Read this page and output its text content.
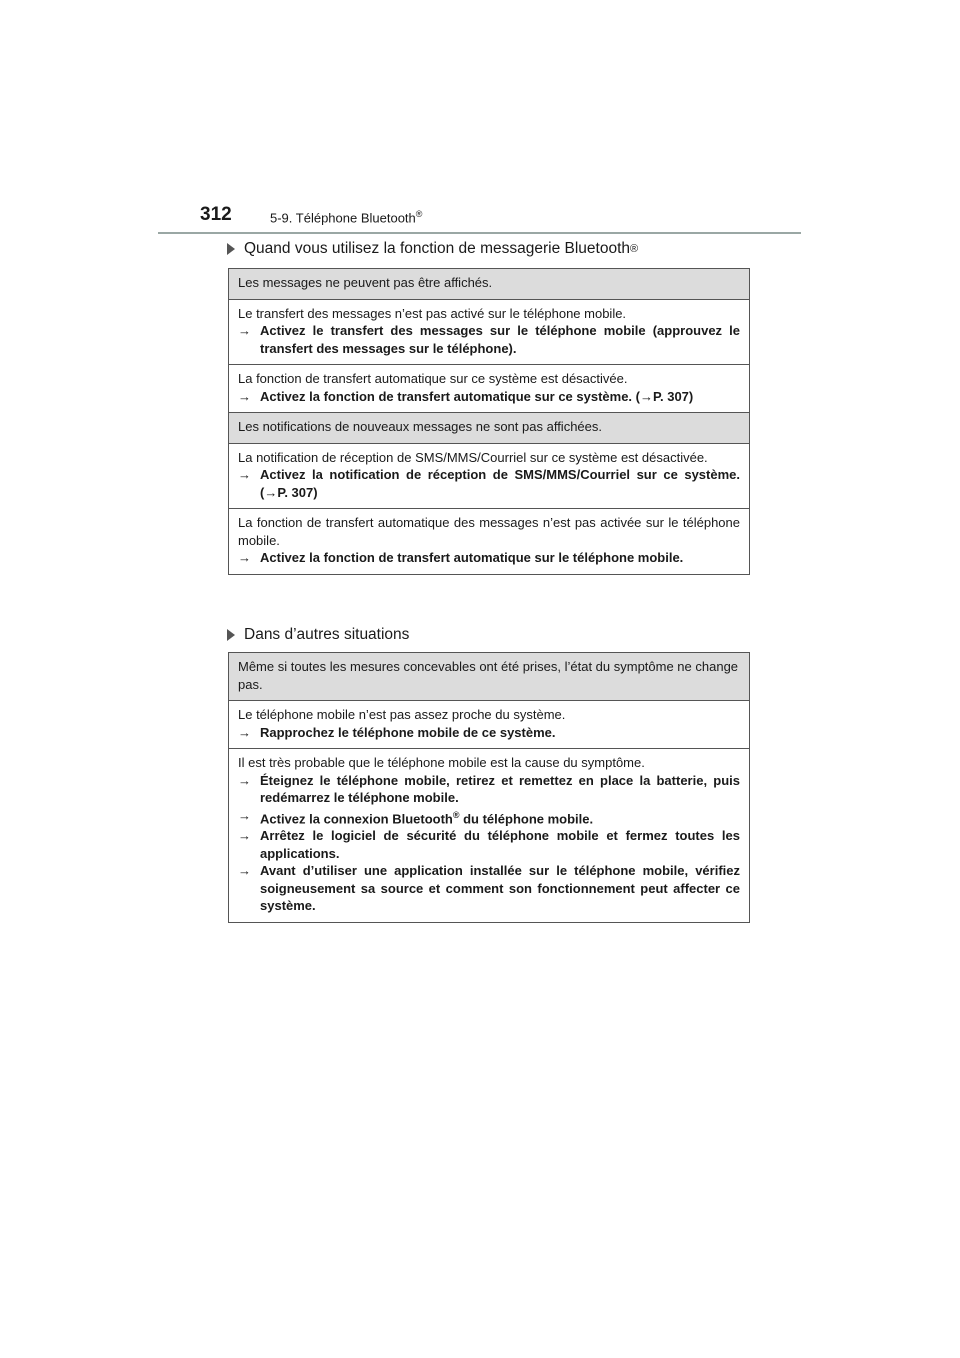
312	5-9. Téléphone Bluetooth®
Quand vous utilisez la fonction de messagerie Bluetooth ®
Les messages ne peuvent pas être affichés.
Le transfert des messages n’est pas activé sur le téléphone mobile.
→ Activez le transfert des messages sur le téléphone mobile (approuvez le transfert des messages sur le téléphone).
La fonction de transfert automatique sur ce système est désactivée.
→ Activez la fonction de transfert automatique sur ce système. (→P. 307)
Les notifications de nouveaux messages ne sont pas affichées.
La notification de réception de SMS/MMS/Courriel sur ce système est désactivée.
→ Activez la notification de réception de SMS/MMS/Courriel sur ce système. (→P. 307)
La fonction de transfert automatique des messages n’est pas activée sur le téléphone mobile.
→ Activez la fonction de transfert automatique sur le téléphone mobile.
Dans d’autres situations
Même si toutes les mesures concevables ont été prises, l’état du symptôme ne change pas.
Le téléphone mobile n’est pas assez proche du système.
→ Rapprochez le téléphone mobile de ce système.
Il est très probable que le téléphone mobile est la cause du symptôme.
→ Éteignez le téléphone mobile, retirez et remettez en place la batterie, puis redémarrez le téléphone mobile.
→ Activez la connexion Bluetooth® du téléphone mobile.
→ Arrêtez le logiciel de sécurité du téléphone mobile et fermez toutes les applications.
→ Avant d’utiliser une application installée sur le téléphone mobile, vérifiez soigneusement sa source et comment son fonctionnement peut affecter ce système.
